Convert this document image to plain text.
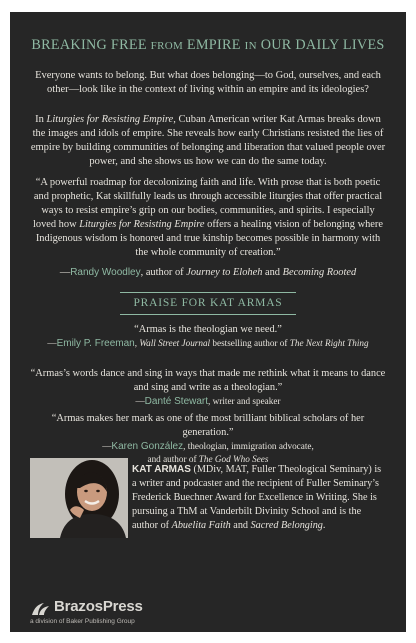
BREAKING FREE FROM EMPIRE IN OUR DAILY LIVES

Everyone wants to belong. But what does belonging—to God, ourselves, and each other—look like in the context of living within an empire and its ideologies?

In Liturgies for Resisting Empire, Cuban American writer Kat Armas breaks down the images and idols of empire. She reveals how early Christians resisted the lies of empire by building communities of belonging and liberation that valued people over power, and she shows us how we can do the same today.

“A powerful roadmap for decolonizing faith and life. With prose that is both poetic and prophetic, Kat skillfully leads us through accessible liturgies that offer practical ways to resist empire’s grip on our bodies, communities, and spirits. I especially loved how Liturgies for Resisting Empire offers a healing vision of belonging where Indigenous wisdom is honored and true kinship becomes possible in harmony with the whole community of creation.”

—Randy Woodley, author of Journey to Eloheh and Becoming Rooted
PRAISE FOR KAT ARMAS

“Armas is the theologian we need.”

—Emily P. Freeman, Wall Street Journal bestselling author of The Next Right Thing

“Armas’s words dance and sing in ways that made me rethink what it means to dance and sing and write as a theologian.”

—Danté Stewart, writer and speaker

“Armas makes her mark as one of the most brilliant biblical scholars of her generation.”

—Karen González, theologian, immigration advocate,
and author of The God Who Sees

KAT ARMAS (MDiv, MAT, Fuller Theological Seminary) is a writer and podcaster and the recipient of Fuller Seminary’s Frederick Buechner Award for Excellence in Writing. She is pursuing a ThM at Vanderbilt Divinity School and is the author of Abuelita Faith and Sacred Belonging.

BrazosPress
a division of Baker Publishing Group
